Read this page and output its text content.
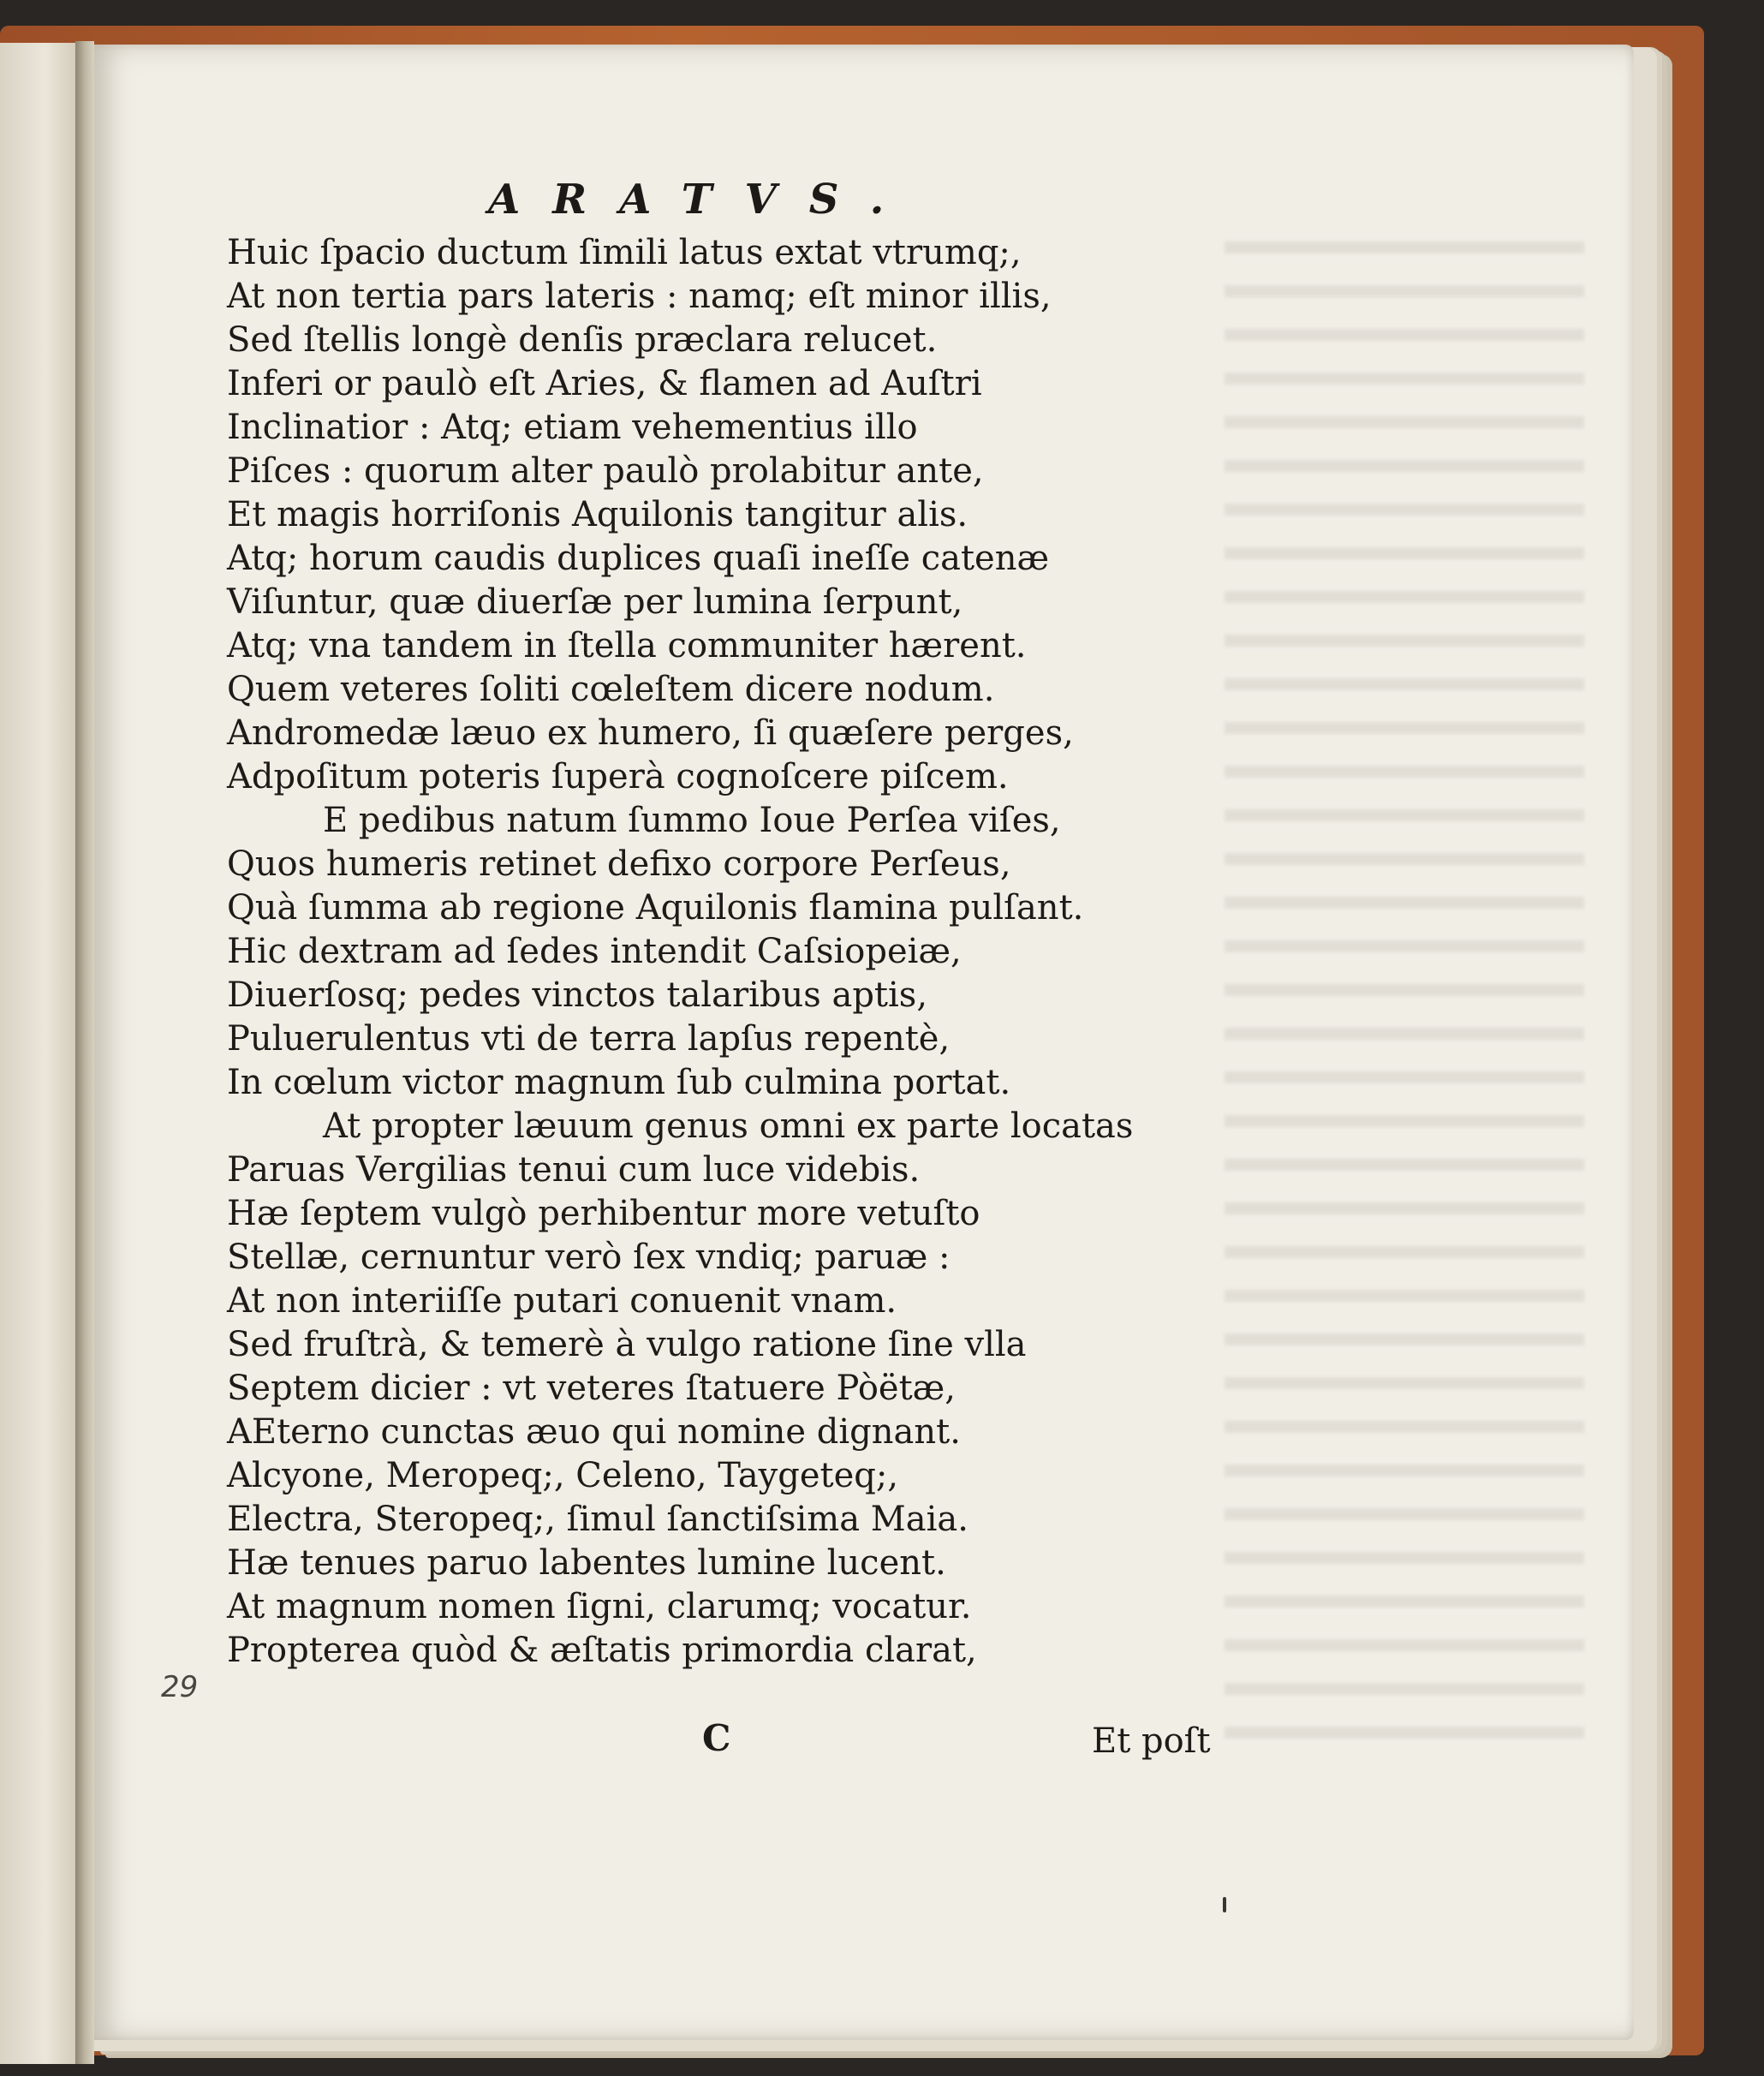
ARATVS.
Huic ſpacio ductum ſimili latus extat vtrumq;,
At non tertia pars lateris : namq; eſt minor illis,
Sed ſtellis longè denſis præclara relucet.
Inferi or paulò eſt Aries, & flamen ad Auſtri
Inclinatior : Atq; etiam vehementius illo
Piſces : quorum alter paulò prolabitur ante,
Et magis horriſonis Aquilonis tangitur alis.
Atq; horum caudis duplices quaſi ineſſe catenæ
Viſuntur, quæ diuerſæ per lumina ſerpunt,
Atq; vna tandem in ſtella communiter hærent.
Quem veteres ſoliti cœleſtem dicere nodum.
Andromedæ læuo ex humero, ſi quæſere perges,
Adpoſitum poteris ſuperà cognoſcere piſcem.
E pedibus natum ſummo Ioue Perſea viſes,
Quos humeris retinet defixo corpore Perſeus,
Quà ſumma ab regione Aquilonis flamina pulſant.
Hic dextram ad ſedes intendit Caſsiopeiæ,
Diuerſosq; pedes vinctos talaribus aptis,
Puluerulentus vti de terra lapſus repentè,
In cœlum victor magnum ſub culmina portat.
At propter læuum genus omni ex parte locatas
Paruas Vergilias tenui cum luce videbis.
Hæ ſeptem vulgò perhibentur more vetuſto
Stellæ, cernuntur verò ſex vndiq; paruæ :
At non interiiſſe putari conuenit vnam.
Sed fruſtrà, & temerè à vulgo ratione ſine vlla
Septem dicier : vt veteres ſtatuere Pòëtæ,
AEterno cunctas æuo qui nomine dignant.
Alcyone, Meropeq;, Celeno, Taygeteq;,
Electra, Steropeq;, ſimul ſanctiſsima Maia.
Hæ tenues paruo labentes lumine lucent.
At magnum nomen ſigni, clarumq; vocatur.
Propterea quòd & æſtatis primordia clarat,
29
C	Et poſt
